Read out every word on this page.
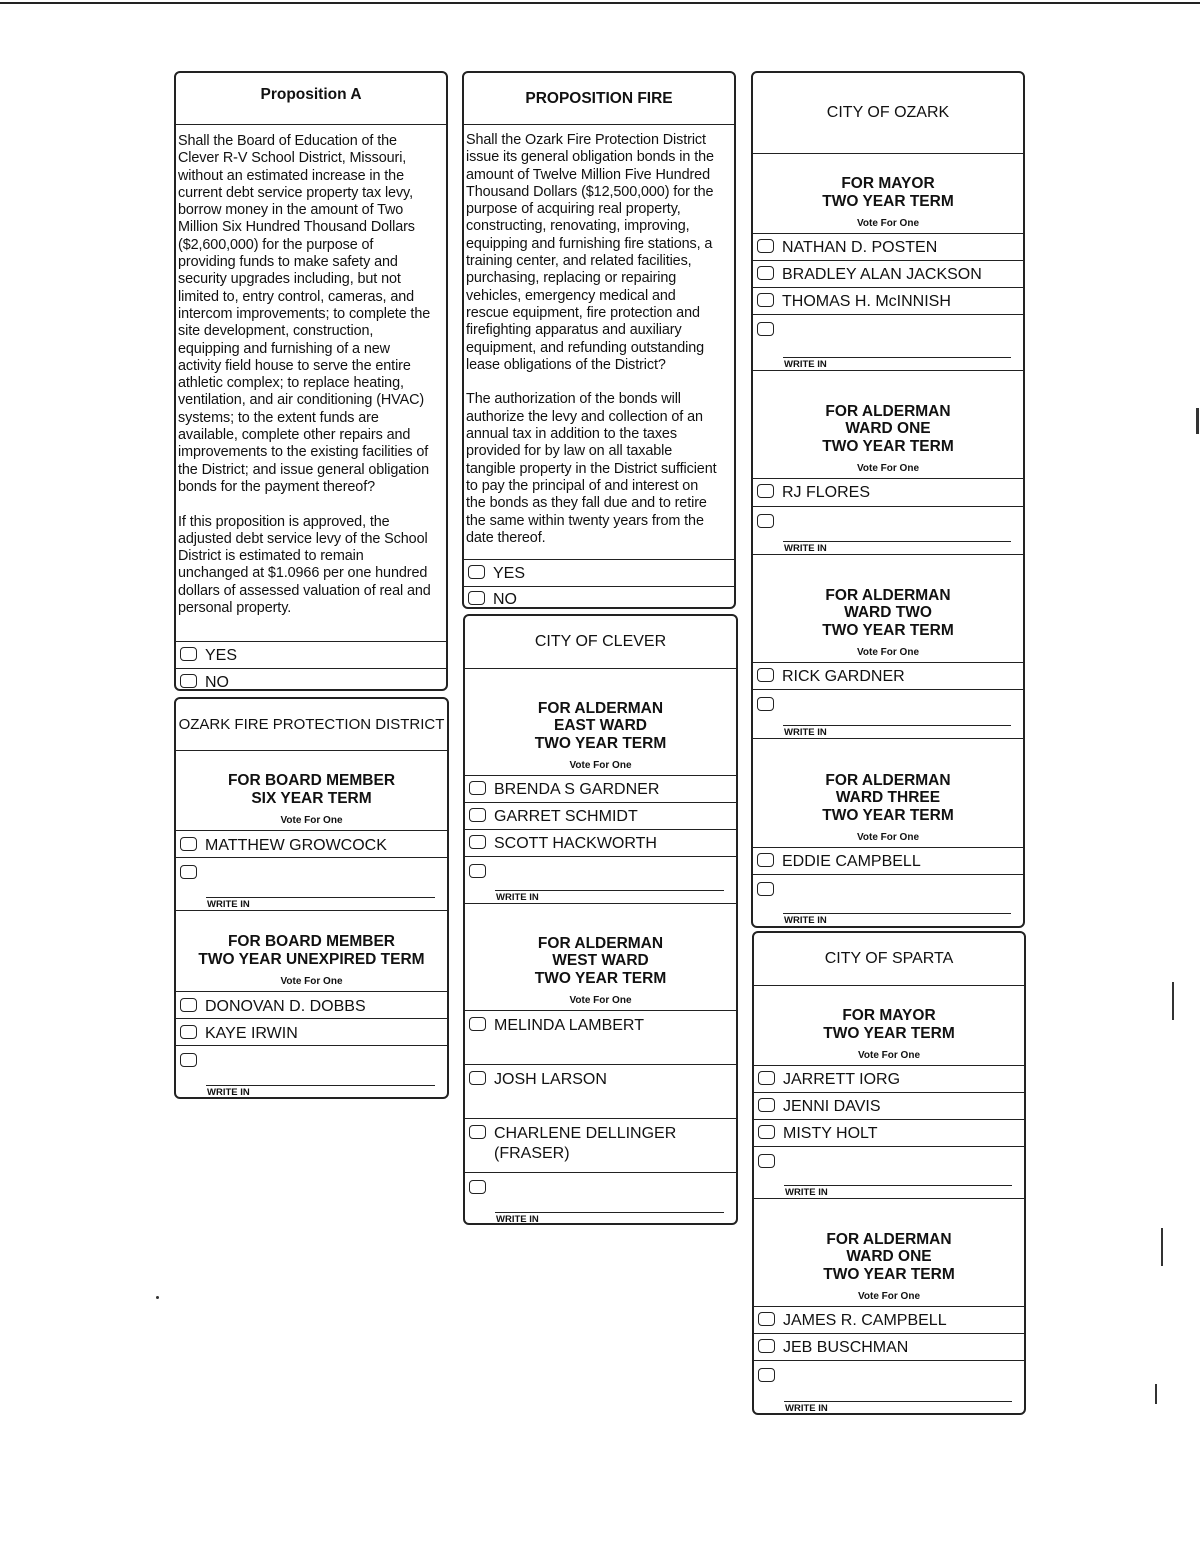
Proposition A
Shall the Board of Education of the
Clever R-V School District, Missouri,
without an estimated increase in the
current debt service property tax levy,
borrow money in the amount of Two
Million Six Hundred Thousand Dollars
($2,600,000) for the purpose of
providing funds to make safety and
security upgrades including, but not
limited to, entry control, cameras, and
intercom improvements; to complete the
site development, construction,
equipping and furnishing of a new
activity field house to serve the entire
athletic complex; to replace heating,
ventilation, and air conditioning (HVAC)
systems; to the extent funds are
available, complete other repairs and
improvements to the existing facilities of
the District; and issue general obligation
bonds for the payment thereof?

If this proposition is approved, the
adjusted debt service levy of the School
District is estimated to remain
unchanged at $1.0966 per one hundred
dollars of assessed valuation of real and
personal property.
YES
NO
OZARK FIRE PROTECTION DISTRICT
FOR BOARD MEMBER
SIX YEAR TERM
Vote For One
MATTHEW GROWCOCK
WRITE IN
FOR BOARD MEMBER
TWO YEAR UNEXPIRED TERM
Vote For One
DONOVAN D. DOBBS
KAYE IRWIN
WRITE IN
PROPOSITION FIRE
Shall the Ozark Fire Protection District
issue its general obligation bonds in the
amount of Twelve Million Five Hundred
Thousand Dollars ($12,500,000) for the
purpose of acquiring real property,
constructing, renovating, improving,
equipping and furnishing fire stations, a
training center, and related facilities,
purchasing, replacing or repairing
vehicles, emergency medical and
rescue equipment, fire protection and
firefighting apparatus and auxiliary
equipment, and refunding outstanding
lease obligations of the District?

The authorization of the bonds will
authorize the levy and collection of an
annual tax in addition to the taxes
provided for by law on all taxable
tangible property in the District sufficient
to pay the principal of and interest on
the bonds as they fall due and to retire
the same within twenty years from the
date thereof.
YES
NO
CITY OF CLEVER
FOR ALDERMAN
EAST WARD
TWO YEAR TERM
Vote For One
BRENDA S GARDNER
GARRET SCHMIDT
SCOTT HACKWORTH
WRITE IN
FOR ALDERMAN
WEST WARD
TWO YEAR TERM
Vote For One
MELINDA LAMBERT
JOSH LARSON
CHARLENE DELLINGER
(FRASER)
WRITE IN
CITY OF OZARK
FOR MAYOR
TWO YEAR TERM
Vote For One
NATHAN D. POSTEN
BRADLEY ALAN JACKSON
THOMAS H. McINNISH
WRITE IN
FOR ALDERMAN
WARD ONE
TWO YEAR TERM
Vote For One
RJ FLORES
WRITE IN
FOR ALDERMAN
WARD TWO
TWO YEAR TERM
Vote For One
RICK GARDNER
WRITE IN
FOR ALDERMAN
WARD THREE
TWO YEAR TERM
Vote For One
EDDIE CAMPBELL
WRITE IN
CITY OF SPARTA
FOR MAYOR
TWO YEAR TERM
Vote For One
JARRETT IORG
JENNI DAVIS
MISTY HOLT
WRITE IN
FOR ALDERMAN
WARD ONE
TWO YEAR TERM
Vote For One
JAMES R. CAMPBELL
JEB BUSCHMAN
WRITE IN
